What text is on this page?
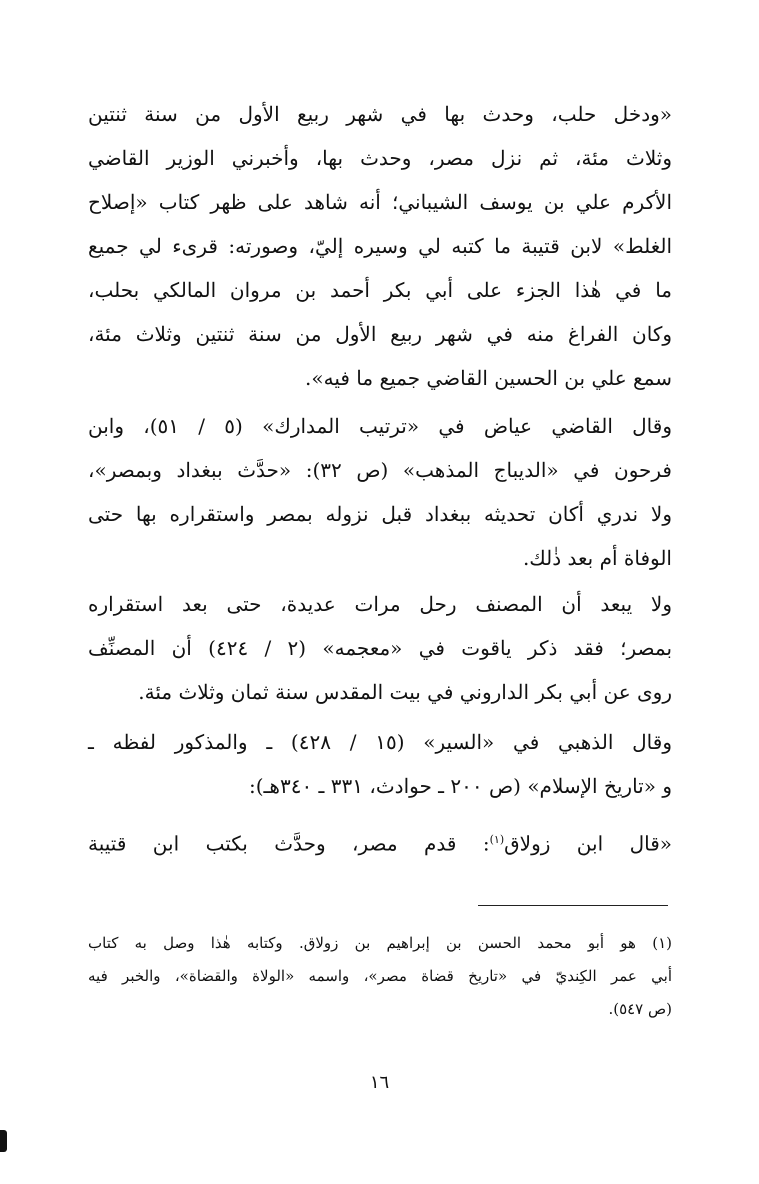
«ودخل حلب، وحدث بها في شهر ربيع الأول من سنة ثنتين
وثلاث مئة، ثم نزل مصر، وحدث بها، وأخبرني الوزير القاضي
الأكرم علي بن يوسف الشيباني؛ أنه شاهد على ظهر كتاب «إصلاح
الغلط» لابن قتيبة ما كتبه لي وسيره إليّ، وصورته: قرىء لي جميع
ما في هٰذا الجزء على أبي بكر أحمد بن مروان المالكي بحلب،
وكان الفراغ منه في شهر ربيع الأول من سنة ثنتين وثلاث مئة،
سمع علي بن الحسين القاضي جميع ما فيه».
وقال القاضي عياض في «ترتيب المدارك» (٥ / ٥١)، وابن
فرحون في «الديباج المذهب» (ص ٣٢): «حدَّث ببغداد وبمصر»،
ولا ندري أكان تحديثه ببغداد قبل نزوله بمصر واستقراره بها حتى
الوفاة أم بعد ذٰلك.
ولا يبعد أن المصنف رحل مرات عديدة، حتى بعد استقراره
بمصر؛ فقد ذكر ياقوت في «معجمه» (٢ / ٤٢٤) أن المصنِّف
روى عن أبي بكر الداروني في بيت المقدس سنة ثمان وثلاث مئة.
وقال الذهبي في «السير» (١٥ / ٤٢٨) ـ والمذكور لفظه ـ
و «تاريخ الإسلام» (ص ٢٠٠ ـ حوادث، ٣٣١ ـ ٣٤٠هـ):
«قال ابن زولاق$^{(١)}$: قدم مصر، وحدَّث بكتب ابن قتيبة
(١) هو أبو محمد الحسن بن إبراهيم بن زولاق. وكتابه هٰذا وصل به كتاب
أبي عمر الكِنديّ في «تاريخ قضاة مصر»، واسمه «الولاة والقضاة»، والخبر فيه
(ص ٥٤٧).
١٦
